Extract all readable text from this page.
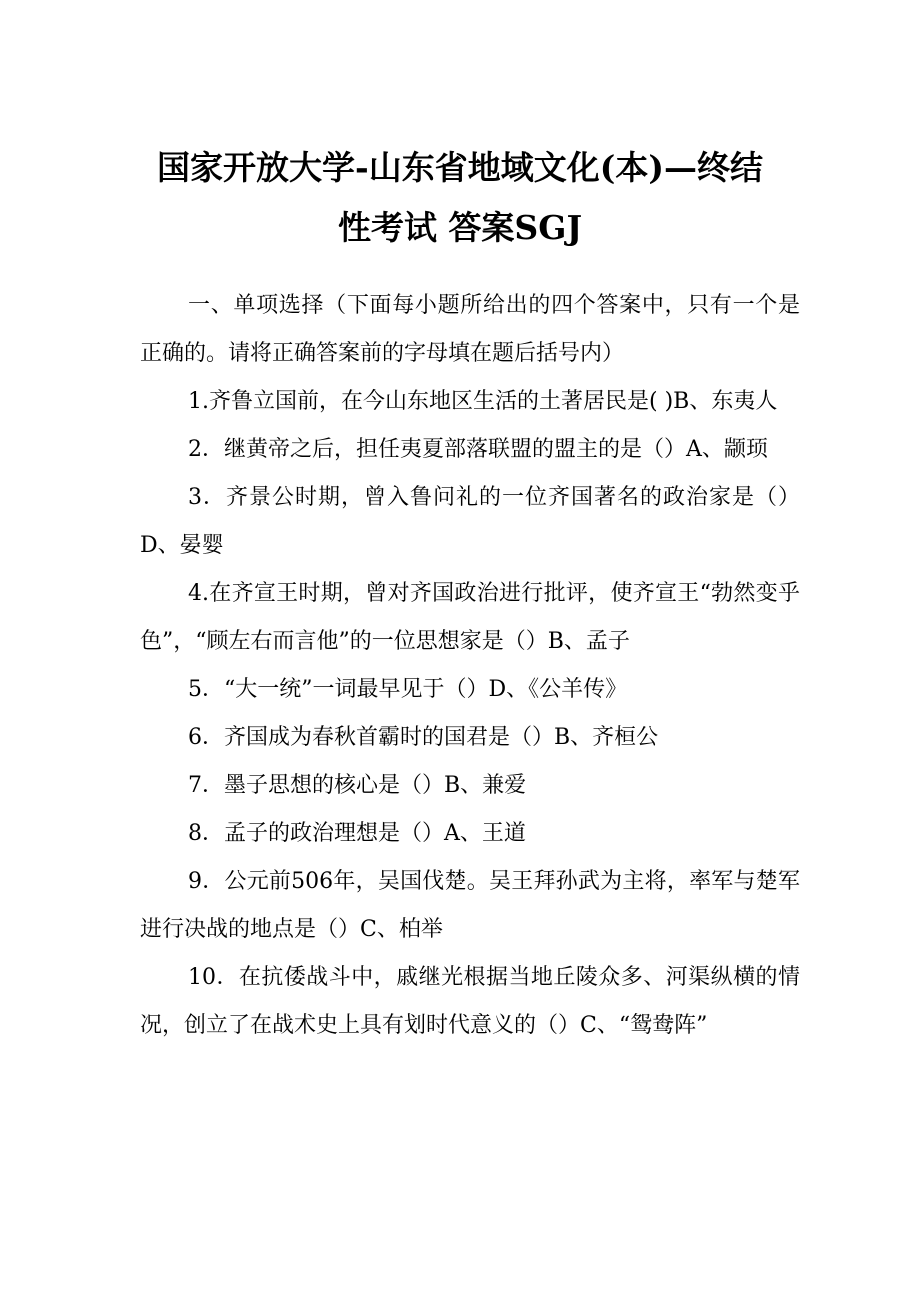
国家开放大学-山东省地域文化(本)—终结
性考试 答案SGJ

一、单项选择（下面每小题所给出的四个答案中，只有一个是正确的。请将正确答案前的字母填在题后括号内）

1.齐鲁立国前，在今山东地区生活的土著居民是( )B、东夷人

2．继黄帝之后，担任夷夏部落联盟的盟主的是（）A、颛顼

3．齐景公时期，曾入鲁问礼的一位齐国著名的政治家是（）D、晏婴

4.在齐宣王时期，曾对齐国政治进行批评，使齐宣王“勃然变乎色”，“顾左右而言他”的一位思想家是（）B、孟子

5．“大一统”一词最早见于（）D、《公羊传》

6．齐国成为春秋首霸时的国君是（）B、齐桓公

7．墨子思想的核心是（）B、兼爱

8．孟子的政治理想是（）A、王道

9．公元前506年，吴国伐楚。吴王拜孙武为主将，率军与楚军进行决战的地点是（）C、柏举

10．在抗倭战斗中，戚继光根据当地丘陵众多、河渠纵横的情况，创立了在战术史上具有划时代意义的（）C、“鸳鸯阵”
